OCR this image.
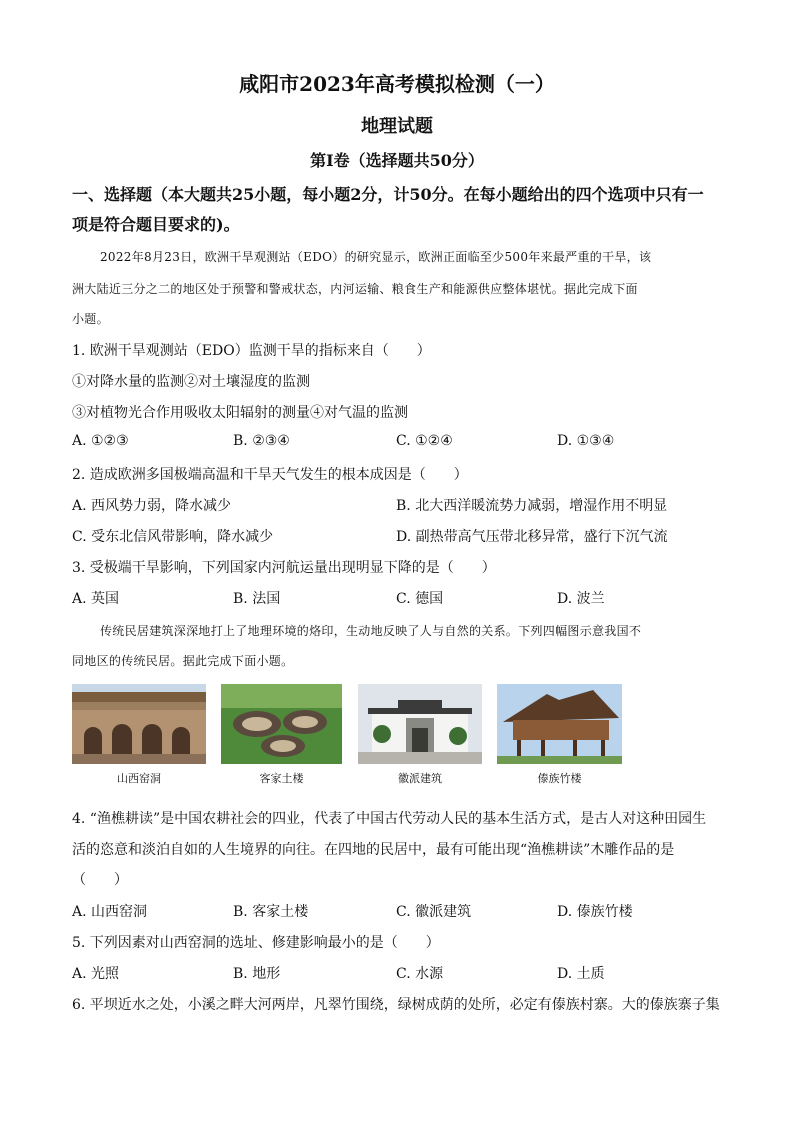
咸阳市2023年高考模拟检测（一）
地理试题
第Ⅰ卷（选择题共50分）
一、选择题（本大题共25小题，每小题2分，计50分。在每小题给出的四个选项中只有一
项是符合题目要求的)。
2022年8月23日，欧洲干旱观测站（EDO）的研究显示，欧洲正面临至少500年来最严重的干旱，该
洲大陆近三分之二的地区处于预警和警戒状态，内河运输、粮食生产和能源供应整体堪忧。据此完成下面
小题。
1. 欧洲干旱观测站（EDO）监测干旱的指标来自（　　）
①对降水量的监测②对土壤湿度的监测
③对植物光合作用吸收太阳辐射的测量④对气温的监测
A. ①②③	B. ②③④	C. ①②④	D. ①③④
2. 造成欧洲多国极端高温和干旱天气发生的根本成因是（　　）
A. 西风势力弱，降水减少	B. 北大西洋暖流势力减弱，增湿作用不明显
C. 受东北信风带影响，降水减少	D. 副热带高气压带北移异常，盛行下沉气流
3. 受极端干旱影响，下列国家内河航运量出现明显下降的是（　　）
A. 英国	B. 法国	C. 德国	D. 波兰
传统民居建筑深深地打上了地理环境的烙印，生动地反映了人与自然的关系。下列四幅图示意我国不
同地区的传统民居。据此完成下面小题。
山西窑洞	客家土楼	徽派建筑	傣族竹楼
4. “渔樵耕读”是中国农耕社会的四业，代表了中国古代劳动人民的基本生活方式，是古人对这种田园生
活的恣意和淡泊自如的人生境界的向往。在四地的民居中，最有可能出现“渔樵耕读”木雕作品的是
（　　）
A. 山西窑洞	B. 客家土楼	C. 徽派建筑	D. 傣族竹楼
5. 下列因素对山西窑洞的选址、修建影响最小的是（　　）
A. 光照	B. 地形	C. 水源	D. 土质
6. 平坝近水之处，小溪之畔大河两岸，凡翠竹围绕，绿树成荫的处所，必定有傣族村寨。大的傣族寨子集
